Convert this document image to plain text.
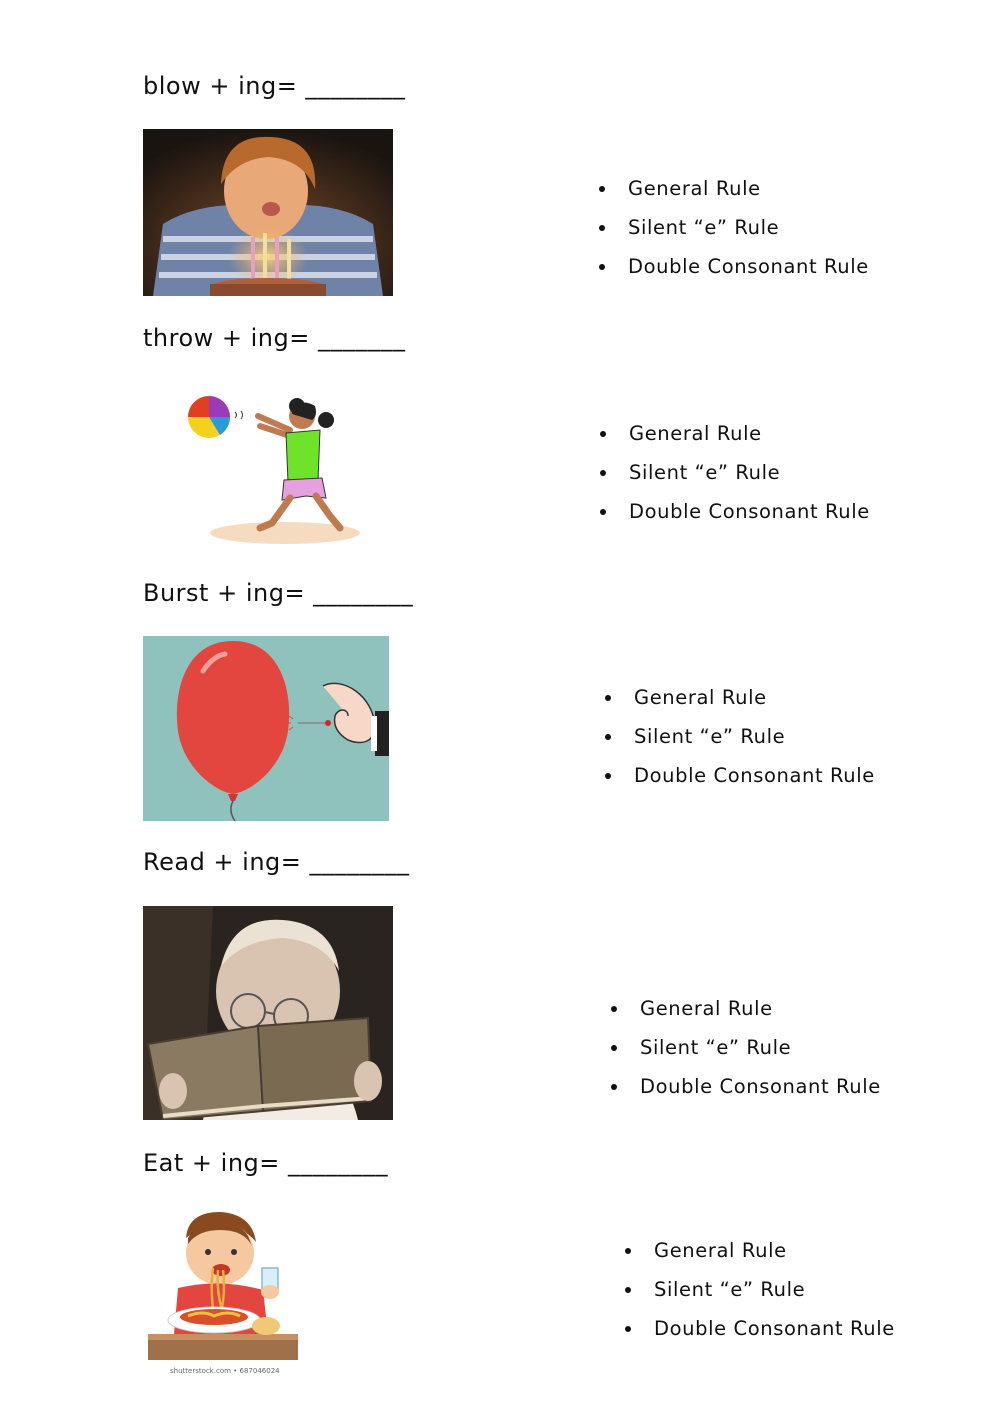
blow + ing= ________
General Rule
Silent “e” Rule
Double Consonant Rule
throw + ing= _______
General Rule
Silent “e” Rule
Double Consonant Rule
Burst + ing= ________
General Rule
Silent “e” Rule
Double Consonant Rule
Read + ing= ________
General Rule
Silent “e” Rule
Double Consonant Rule
Eat + ing= ________
shutterstock.com • 687046024
General Rule
Silent “e” Rule
Double Consonant Rule
